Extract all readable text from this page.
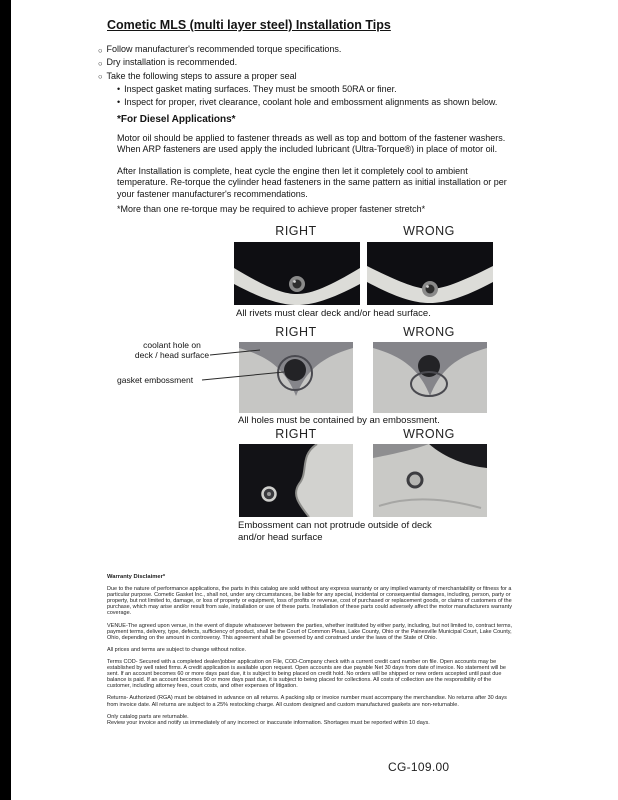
Cometic MLS (multi layer steel) Installation Tips
○
Follow manufacturer's recommended torque specifications.
○
Dry installation is recommended.
○
Take the following steps to assure a proper seal
•
Inspect gasket mating surfaces. They must be smooth 50RA or finer.
•
Inspect for proper, rivet clearance, coolant hole and embossment alignments as shown below.
*For Diesel Applications*

Motor oil should be applied to fastener threads as well as top and bottom of the fastener washers. When ARP fasteners are used apply the included lubricant (Ultra-Torque®) in place of motor oil.

After Installation is complete, heat cycle the engine then let it completely cool to ambient temperature. Re-torque the cylinder head fasteners in the same pattern as initial installation or per your fastener manufacturer's recommendations.

*More than one re-torque may be required to achieve proper fastener stretch*

RIGHT	WRONG

All rivets must clear deck and/or head surface.

RIGHT	WRONG
coolant hole on
deck / head surface
gasket embossment

All holes must be contained by an embossment.

RIGHT	WRONG

Embossment can not protrude outside of deck
and/or head surface

Warranty Disclaimer*

Due to the nature of performance applications, the parts in this catalog are sold without any express warranty or any implied warranty of merchantability or fitness for a particular purpose. Cometic Gasket Inc., shall not, under any circumstances, be liable for any special, incidental or consequential damages, including, person, party or property, but not limited to, damage, or loss of property or equipment, loss of profits or revenue, cost of purchased or replacement goods, or claims of customers of the purchase, which may arise and/or result from sale, installation or use of these parts. Installation of these parts could adversely affect the motor manufacturers warranty coverage.

VENUE-The agreed upon venue, in the event of dispute whatsoever between the parties, whether instituted by either party, including, but not limited to, contract terms, payment terms, delivery, type, defects, sufficiency of product, shall be the Court of Common Pleas, Lake County, Ohio or the Painesville Municipal Court, Lake County, Ohio, depending on the amount in controversy. This agreement shall be governed by and construed under the laws of the State of Ohio.

All prices and terms are subject to change without notice.

Terms COD- Secured with a completed dealer/jobber application on File, COD-Company check with a current credit card number on file. Open accounts may be established by well rated firms. A credit application is available upon request. Open accounts are due payable Net 30 days from date of invoice. No statement will be sent. If an account becomes 60 or more days past due, it is subject to being placed on credit hold. No orders will be shipped or new orders accepted until past due balance is paid. If an account becomes 90 or more days past due, it is subject to being placed for collections. All costs of collection are the responsibility of the customer, including attorney fees, court costs, and other expenses of litigation.

Returns- Authorized (RGA) must be obtained in advance on all returns. A packing slip or invoice number must accompany the merchandise. No returns after 30 days from invoice date. All returns are subject to a 25% restocking charge. All custom designed and custom manufactured gaskets are non-returnable.

Only catalog parts are returnable.

Review your invoice and notify us immediately of any incorrect or inaccurate information. Shortages must be reported within 10 days.

CG-109.00
